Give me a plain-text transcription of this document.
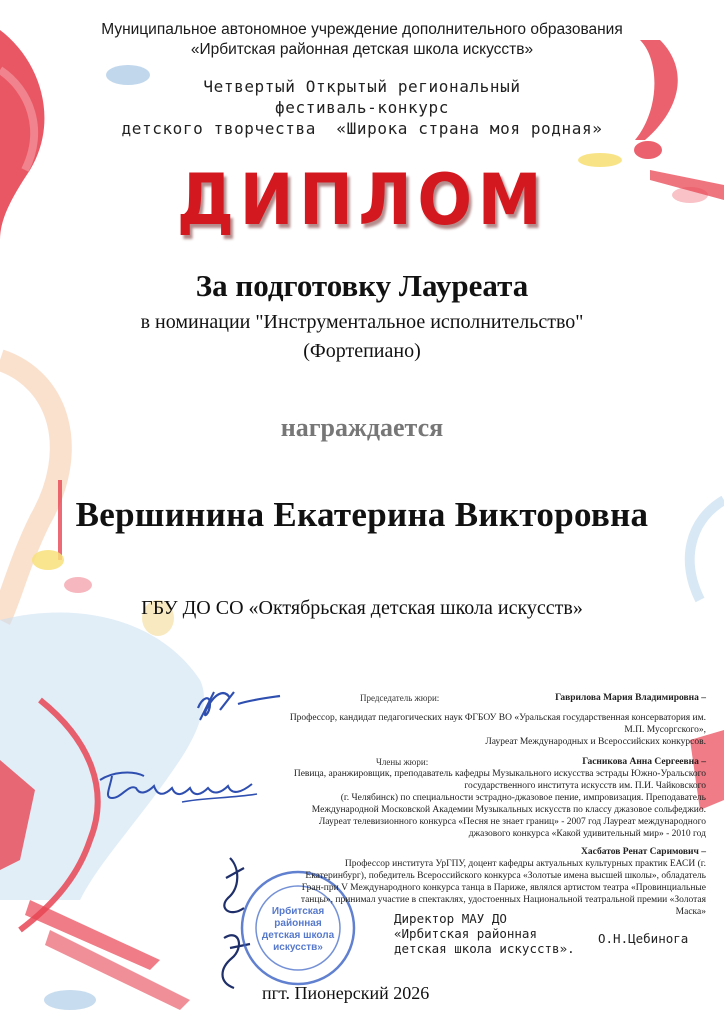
Муниципальное автономное учреждение дополнительного образования
«Ирбитская районная детская школа искусств»
Четвертый Открытый региональный
фестиваль-конкурс
детского творчества  «Широка страна моя родная»
ДИПЛОМ
За подготовку Лауреата
в номинации "Инструментальное исполнительство"
(Фортепиано)
награждается
Вершинина Екатерина Викторовна
ГБУ ДО СО «Октябрьская детская школа искусств»
Ирбитская
районная
детская школа
искусств»
Председатель жюри:	Гаврилова Мария Владимировна –
Профессор, кандидат педагогических наук ФГБОУ ВО «Уральская государственная консерватория им.
М.П. Мусоргского»,
Лауреат Международных и Всероссийских конкурсов.
Члены жюри:	Гасникова Анна Сергеевна –
Певица, аранжировщик, преподаватель кафедры Музыкального искусства эстрады Южно-Уральского
государственного института искусств им. П.И. Чайковского
(г. Челябинск) по специальности эстрадно-джазовое пение, импровизация. Преподаватель
Международной Московской Академии Музыкальных искусств по классу джазовое сольфеджио.
Лауреат телевизионного конкурса «Песня не знает границ» - 2007 год Лауреат международного
джазового конкурса «Какой удивительный мир» - 2010 год
Хасбатов Ренат Саримович –
Профессор института УрГПУ, доцент кафедры актуальных культурных практик ЕАСИ (г.
Екатеринбург), победитель Всероссийского конкурса «Золотые имена высшей школы», обладатель
Гран-при V Международного конкурса танца в Париже, являлся артистом театра «Провинциальные
танцы», принимал участие в спектаклях, удостоенных Национальной театральной премии «Золотая
Маска»
Директор МАУ ДО
«Ирбитская районная
детская школа искусств».
О.Н.Цебинога
пгт. Пионерский 2026
